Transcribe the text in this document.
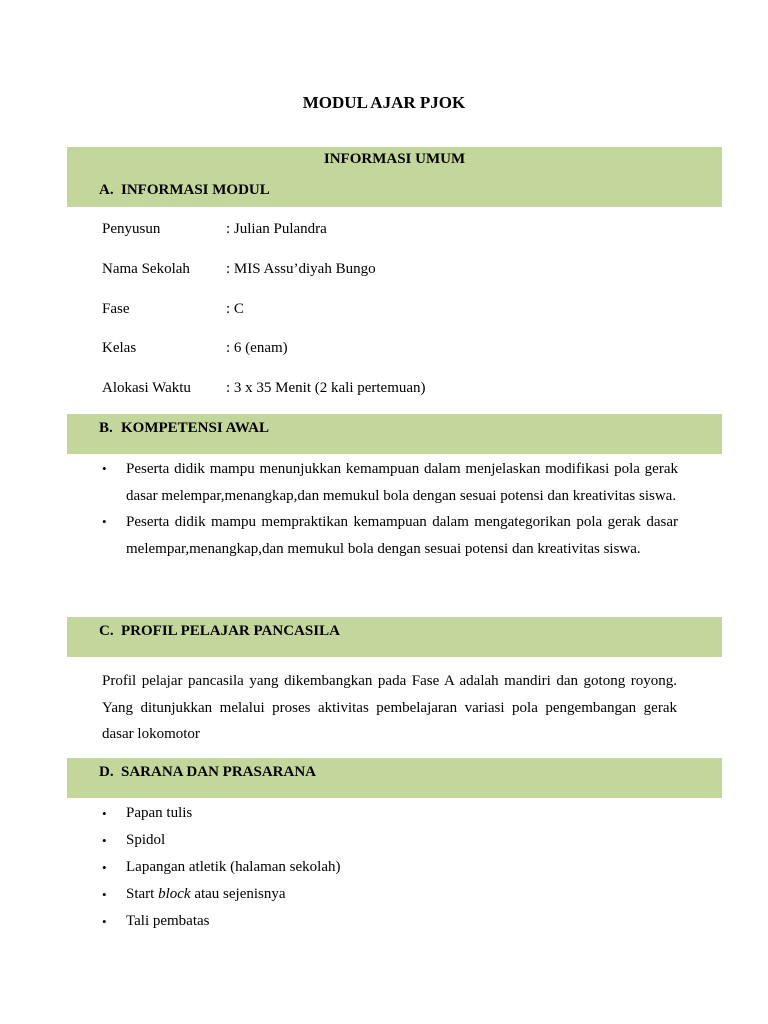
MODUL AJAR PJOK
INFORMASI UMUM
A. INFORMASI MODUL
Penyusun	: Julian Pulandra
Nama Sekolah : MIS Assu’diyah Bungo
Fase	: C
Kelas	: 6 (enam)
Alokasi Waktu : 3 x 35 Menit (2 kali pertemuan)
B. KOMPETENSI AWAL
• Peserta didik mampu menunjukkan kemampuan dalam menjelaskan modifikasi pola gerak dasar melempar,menangkap,dan memukul bola dengan sesuai potensi dan kreativitas siswa.
• Peserta didik mampu mempraktikan kemampuan dalam mengategorikan pola gerak dasar melempar,menangkap,dan memukul bola dengan sesuai potensi dan kreativitas siswa.
C. PROFIL PELAJAR PANCASILA
Profil pelajar pancasila yang dikembangkan pada Fase A adalah mandiri dan gotong royong. Yang ditunjukkan melalui proses aktivitas pembelajaran variasi pola pengembangan gerak dasar lokomotor
D. SARANA DAN PRASARANA
• Papan tulis
• Spidol
• Lapangan atletik (halaman sekolah)
• Start block atau sejenisnya
• Tali pembatas
